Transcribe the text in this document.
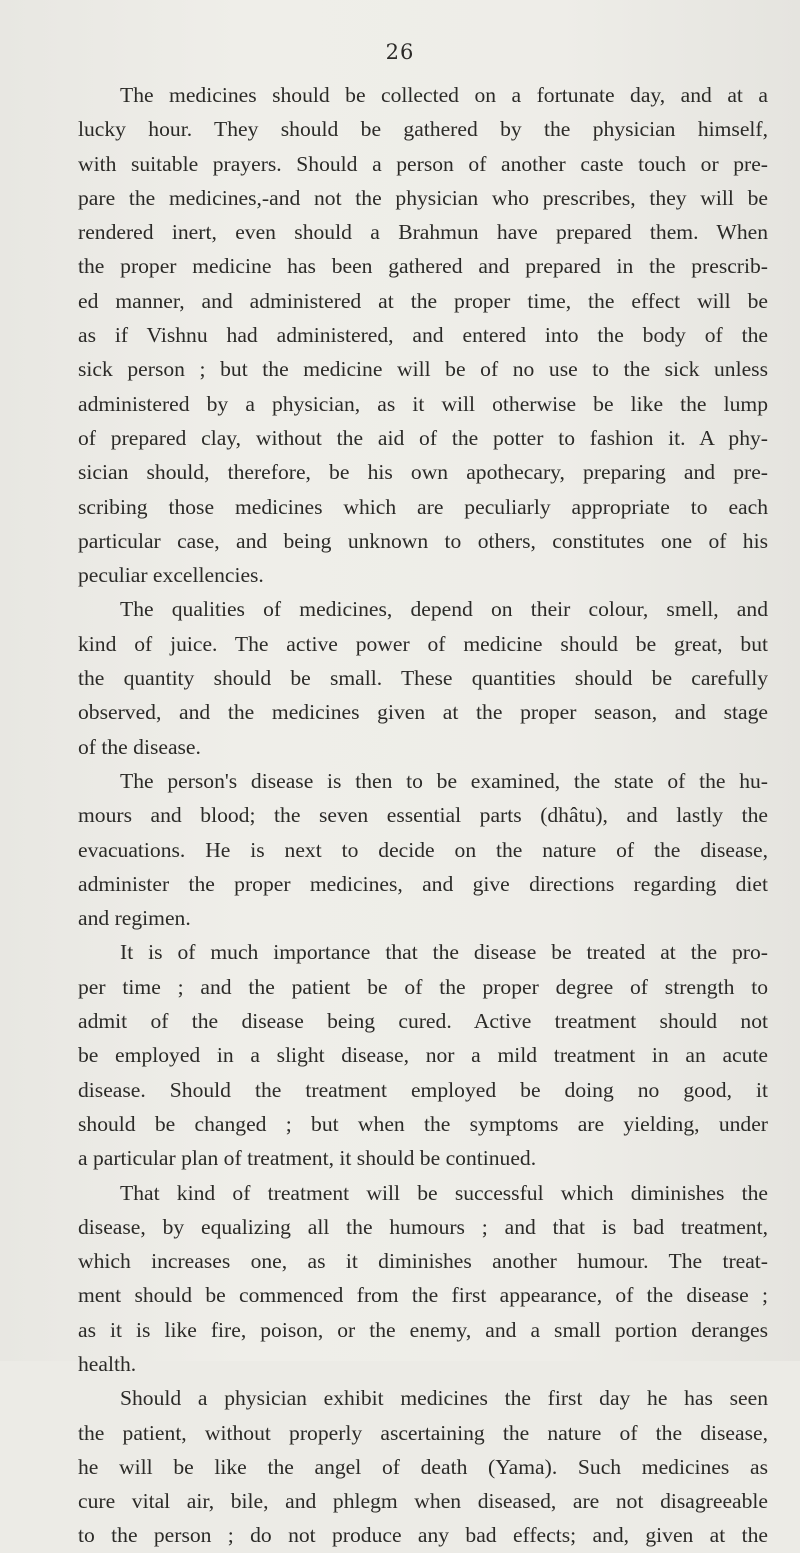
26
The medicines should be collected on a fortunate day, and at a
lucky hour. They should be gathered by the physician himself,
with suitable prayers. Should a person of another caste touch or pre-
pare the medicines,-and not the physician who prescribes, they will be
rendered inert, even should a Brahmun have prepared them. When
the proper medicine has been gathered and prepared in the prescrib-
ed manner, and administered at the proper time, the effect will be
as if Vishnu had administered, and entered into the body of the
sick person ; but the medicine will be of no use to the sick unless
administered by a physician, as it will otherwise be like the lump
of prepared clay, without the aid of the potter to fashion it. A phy-
sician should, therefore, be his own apothecary, preparing and pre-
scribing those medicines which are peculiarly appropriate to each
particular case, and being unknown to others, constitutes one of his
peculiar excellencies.
The qualities of medicines, depend on their colour, smell, and
kind of juice. The active power of medicine should be great, but
the quantity should be small. These quantities should be carefully
observed, and the medicines given at the proper season, and stage
of the disease.
The person's disease is then to be examined, the state of the hu-
mours and blood; the seven essential parts (dhâtu), and lastly the
evacuations. He is next to decide on the nature of the disease,
administer the proper medicines, and give directions regarding diet
and regimen.
It is of much importance that the disease be treated at the pro-
per time ; and the patient be of the proper degree of strength to
admit of the disease being cured. Active treatment should not
be employed in a slight disease, nor a mild treatment in an acute
disease. Should the treatment employed be doing no good, it
should be changed ; but when the symptoms are yielding, under
a particular plan of treatment, it should be continued.
That kind of treatment will be successful which diminishes the
disease, by equalizing all the humours ; and that is bad treatment,
which increases one, as it diminishes another humour. The treat-
ment should be commenced from the first appearance, of the disease ;
as it is like fire, poison, or the enemy, and a small portion deranges
health.
Should a physician exhibit medicines the first day he has seen
the patient, without properly ascertaining the nature of the disease,
he will be like the angel of death (Yama). Such medicines as
cure vital air, bile, and phlegm when diseased, are not disagreeable
to the person ; do not produce any bad effects; and, given at the
